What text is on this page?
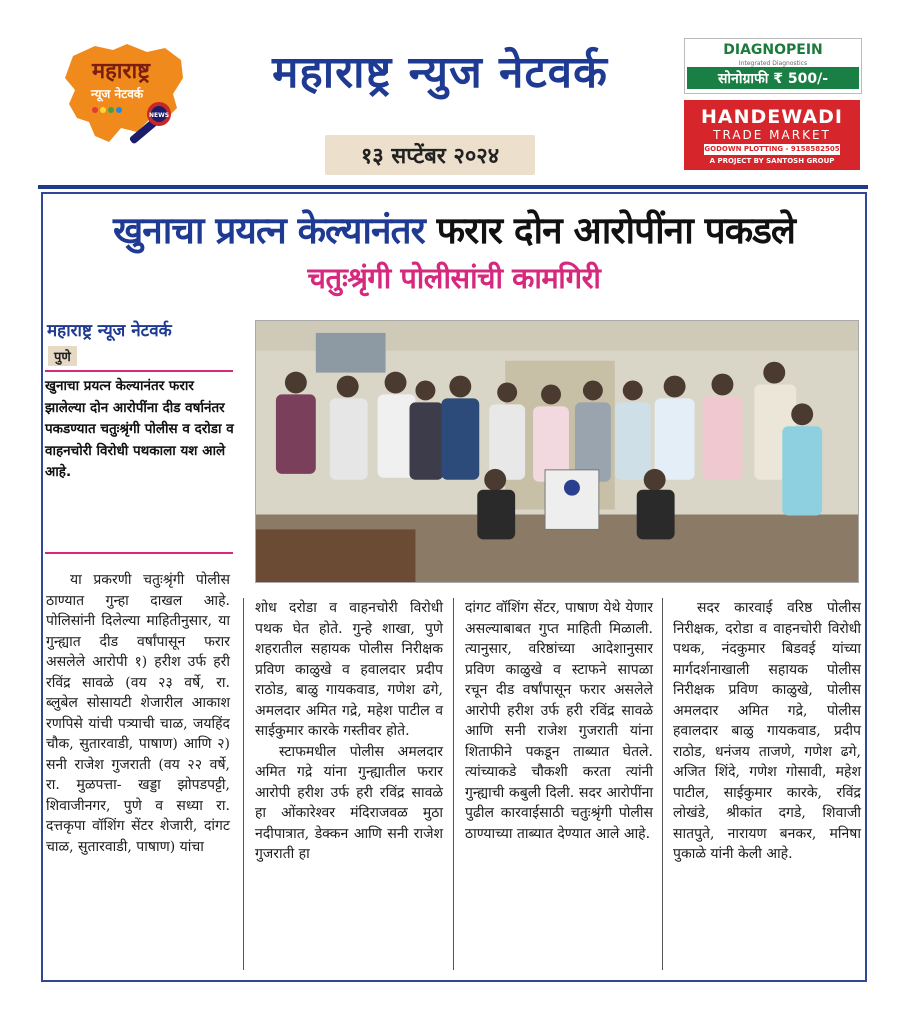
महाराष्ट्र
न्यूज नेटवर्क
NEWS
महाराष्ट्र न्युज नेटवर्क
१३ सप्टेंबर २०२४
DIAGNOPEIN
Integrated Diagnostics
सोनोग्राफी ₹ 500/-
HANDEWADI
TRADE MARKET
GODOWN PLOTTING - 9158582505
A PROJECT BY SANTOSH GROUP
खुनाचा प्रयत्न केल्यानंतर फरार दोन आरोपींना पकडले
चतुःश्रृंगी पोलीसांची कामगिरी
महाराष्ट्र न्यूज नेटवर्क
पुणे
खुनाचा प्रयत्न केल्यानंतर फरार झालेल्या दोन आरोपींना दीड वर्षानंतर पकडण्यात चतुःश्रृंगी पोलीस व दरोडा व वाहनचोरी विरोधी पथकाला यश आले आहे.

या प्रकरणी चतुःश्रृंगी पोलीस ठाण्यात गुन्हा दाखल आहे. पोलिसांनी दिलेल्या माहितीनुसार, या गुन्ह्यात दीड वर्षांपासून फरार असलेले आरोपी १) हरीश उर्फ हरी रविंद्र सावळे (वय २३ वर्षे, रा. ब्लुबेल सोसायटी शेजारील आकाश रणपिसे यांची पत्र्याची चाळ, जयहिंद चौक, सुतारवाडी, पाषाण) आणि २) सनी राजेश गुजराती (वय २२ वर्षे, रा. मुळपत्ता- खड्डा झोपडपट्टी, शिवाजीनगर, पुणे व सध्या रा. दत्तकृपा वॉशिंग सेंटर शेजारी, दांगट चाळ, सुतारवाडी, पाषाण) यांचा

शोध दरोडा व वाहनचोरी विरोधी पथक घेत होते. गुन्हे शाखा, पुणे शहरातील सहायक पोलीस निरीक्षक प्रविण काळुखे व हवालदार प्रदीप राठोड, बाळु गायकवाड, गणेश ढगे, अमलदार अमित गद्रे, महेश पाटील व साईकुमार कारके गस्तीवर होते.

स्टाफमधील पोलीस अमलदार अमित गद्रे यांना गुन्ह्यातील फरार आरोपी हरीश उर्फ हरी रविंद्र सावळे हा ओंकारेश्वर मंदिराजवळ मुठा नदीपात्रात, डेक्कन आणि सनी राजेश गुजराती हा

दांगट वॉशिंग सेंटर, पाषाण येथे येणार असल्याबाबत गुप्त माहिती मिळाली. त्यानुसार, वरिष्ठांच्या आदेशानुसार प्रविण काळुखे व स्टाफने सापळा रचून दीड वर्षांपासून फरार असलेले आरोपी हरीश उर्फ हरी रविंद्र सावळे आणि सनी राजेश गुजराती यांना शिताफीने पकडून ताब्यात घेतले. त्यांच्याकडे चौकशी करता त्यांनी गुन्ह्याची कबुली दिली. सदर आरोपींना पुढील कारवाईसाठी चतुःश्रृंगी पोलीस ठाण्याच्या ताब्यात देण्यात आले आहे.

सदर कारवाई वरिष्ठ पोलीस निरीक्षक, दरोडा व वाहनचोरी विरोधी पथक, नंदकुमार बिडवई यांच्या मार्गदर्शनाखाली सहायक पोलीस निरीक्षक प्रविण काळुखे, पोलीस अमलदार अमित गद्रे, पोलीस हवालदार बाळु गायकवाड, प्रदीप राठोड, धनंजय ताजणे, गणेश ढगे, अजित शिंदे, गणेश गोसावी, महेश पाटील, साईकुमार कारके, रविंद्र लोखंडे, श्रीकांत दगडे, शिवाजी सातपुते, नारायण बनकर, मनिषा पुकाळे यांनी केली आहे.
